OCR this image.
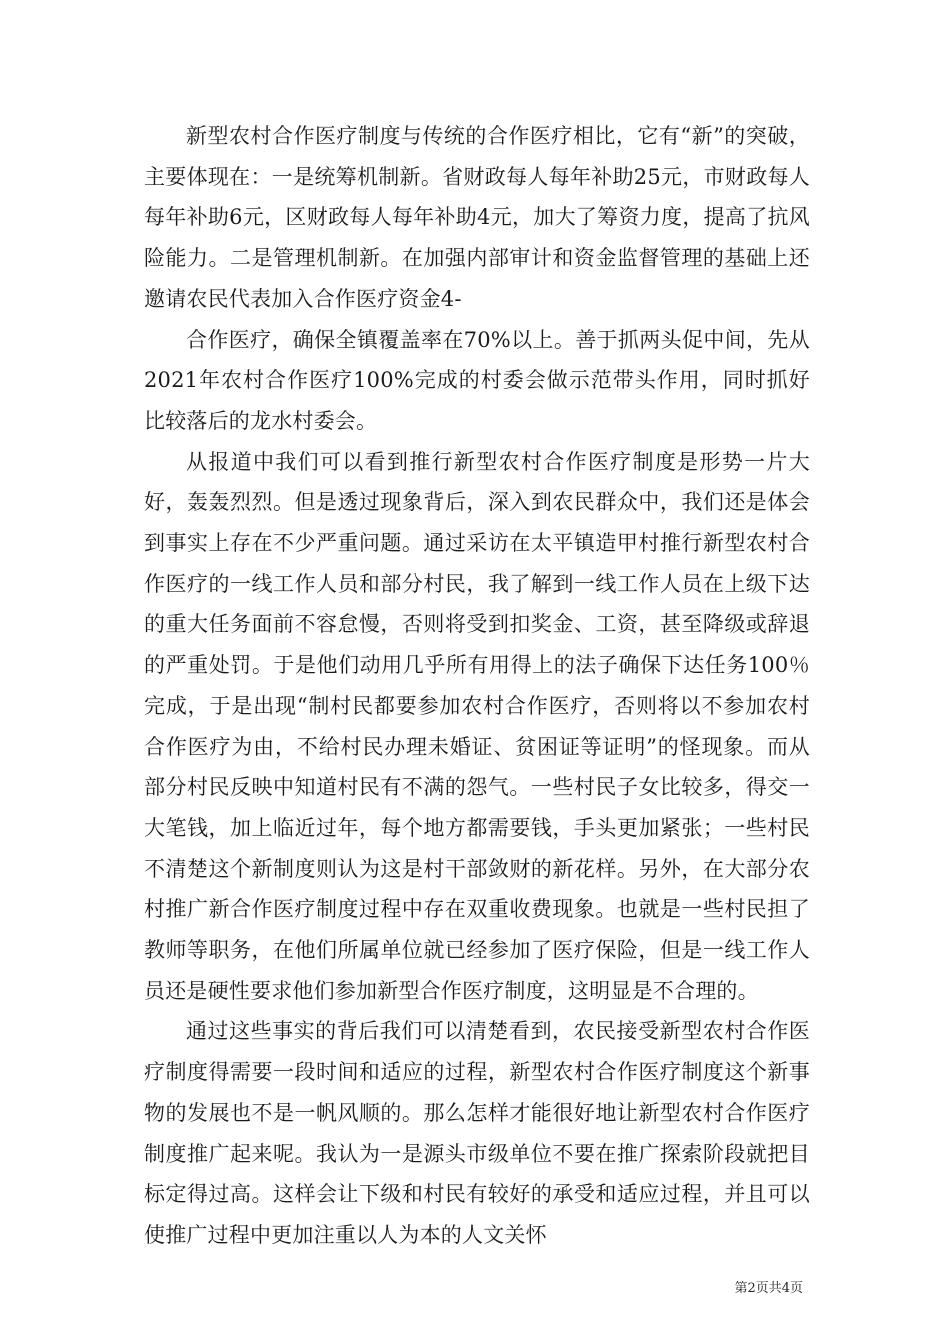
新型农村合作医疗制度与传统的合作医疗相比，它有“新”的突破，主要体现在：一是统筹机制新。省财政每人每年补助25元，市财政每人每年补助6元，区财政每人每年补助4元，加大了筹资力度，提高了抗风险能力。二是管理机制新。在加强内部审计和资金监督管理的基础上还邀请农民代表加入合作医疗资金4-

合作医疗，确保全镇覆盖率在70%以上。善于抓两头促中间，先从2021年农村合作医疗100%完成的村委会做示范带头作用，同时抓好比较落后的龙水村委会。

从报道中我们可以看到推行新型农村合作医疗制度是形势一片大好，轰轰烈烈。但是透过现象背后，深入到农民群众中，我们还是体会到事实上存在不少严重问题。通过采访在太平镇造甲村推行新型农村合作医疗的一线工作人员和部分村民，我了解到一线工作人员在上级下达的重大任务面前不容怠慢，否则将受到扣奖金、工资，甚至降级或辞退的严重处罚。于是他们动用几乎所有用得上的法子确保下达任务100％完成，于是出现“制村民都要参加农村合作医疗，否则将以不参加农村合作医疗为由，不给村民办理未婚证、贫困证等证明”的怪现象。而从部分村民反映中知道村民有不满的怨气。一些村民子女比较多，得交一大笔钱，加上临近过年，每个地方都需要钱，手头更加紧张；一些村民不清楚这个新制度则认为这是村干部敛财的新花样。另外，在大部分农村推广新合作医疗制度过程中存在双重收费现象。也就是一些村民担了教师等职务，在他们所属单位就已经参加了医疗保险，但是一线工作人员还是硬性要求他们参加新型合作医疗制度，这明显是不合理的。

通过这些事实的背后我们可以清楚看到，农民接受新型农村合作医疗制度得需要一段时间和适应的过程，新型农村合作医疗制度这个新事物的发展也不是一帆风顺的。那么怎样才能很好地让新型农村合作医疗制度推广起来呢。我认为一是源头市级单位不要在推广探索阶段就把目标定得过高。这样会让下级和村民有较好的承受和适应过程，并且可以使推广过程中更加注重以人为本的人文关怀

第2页共4页
